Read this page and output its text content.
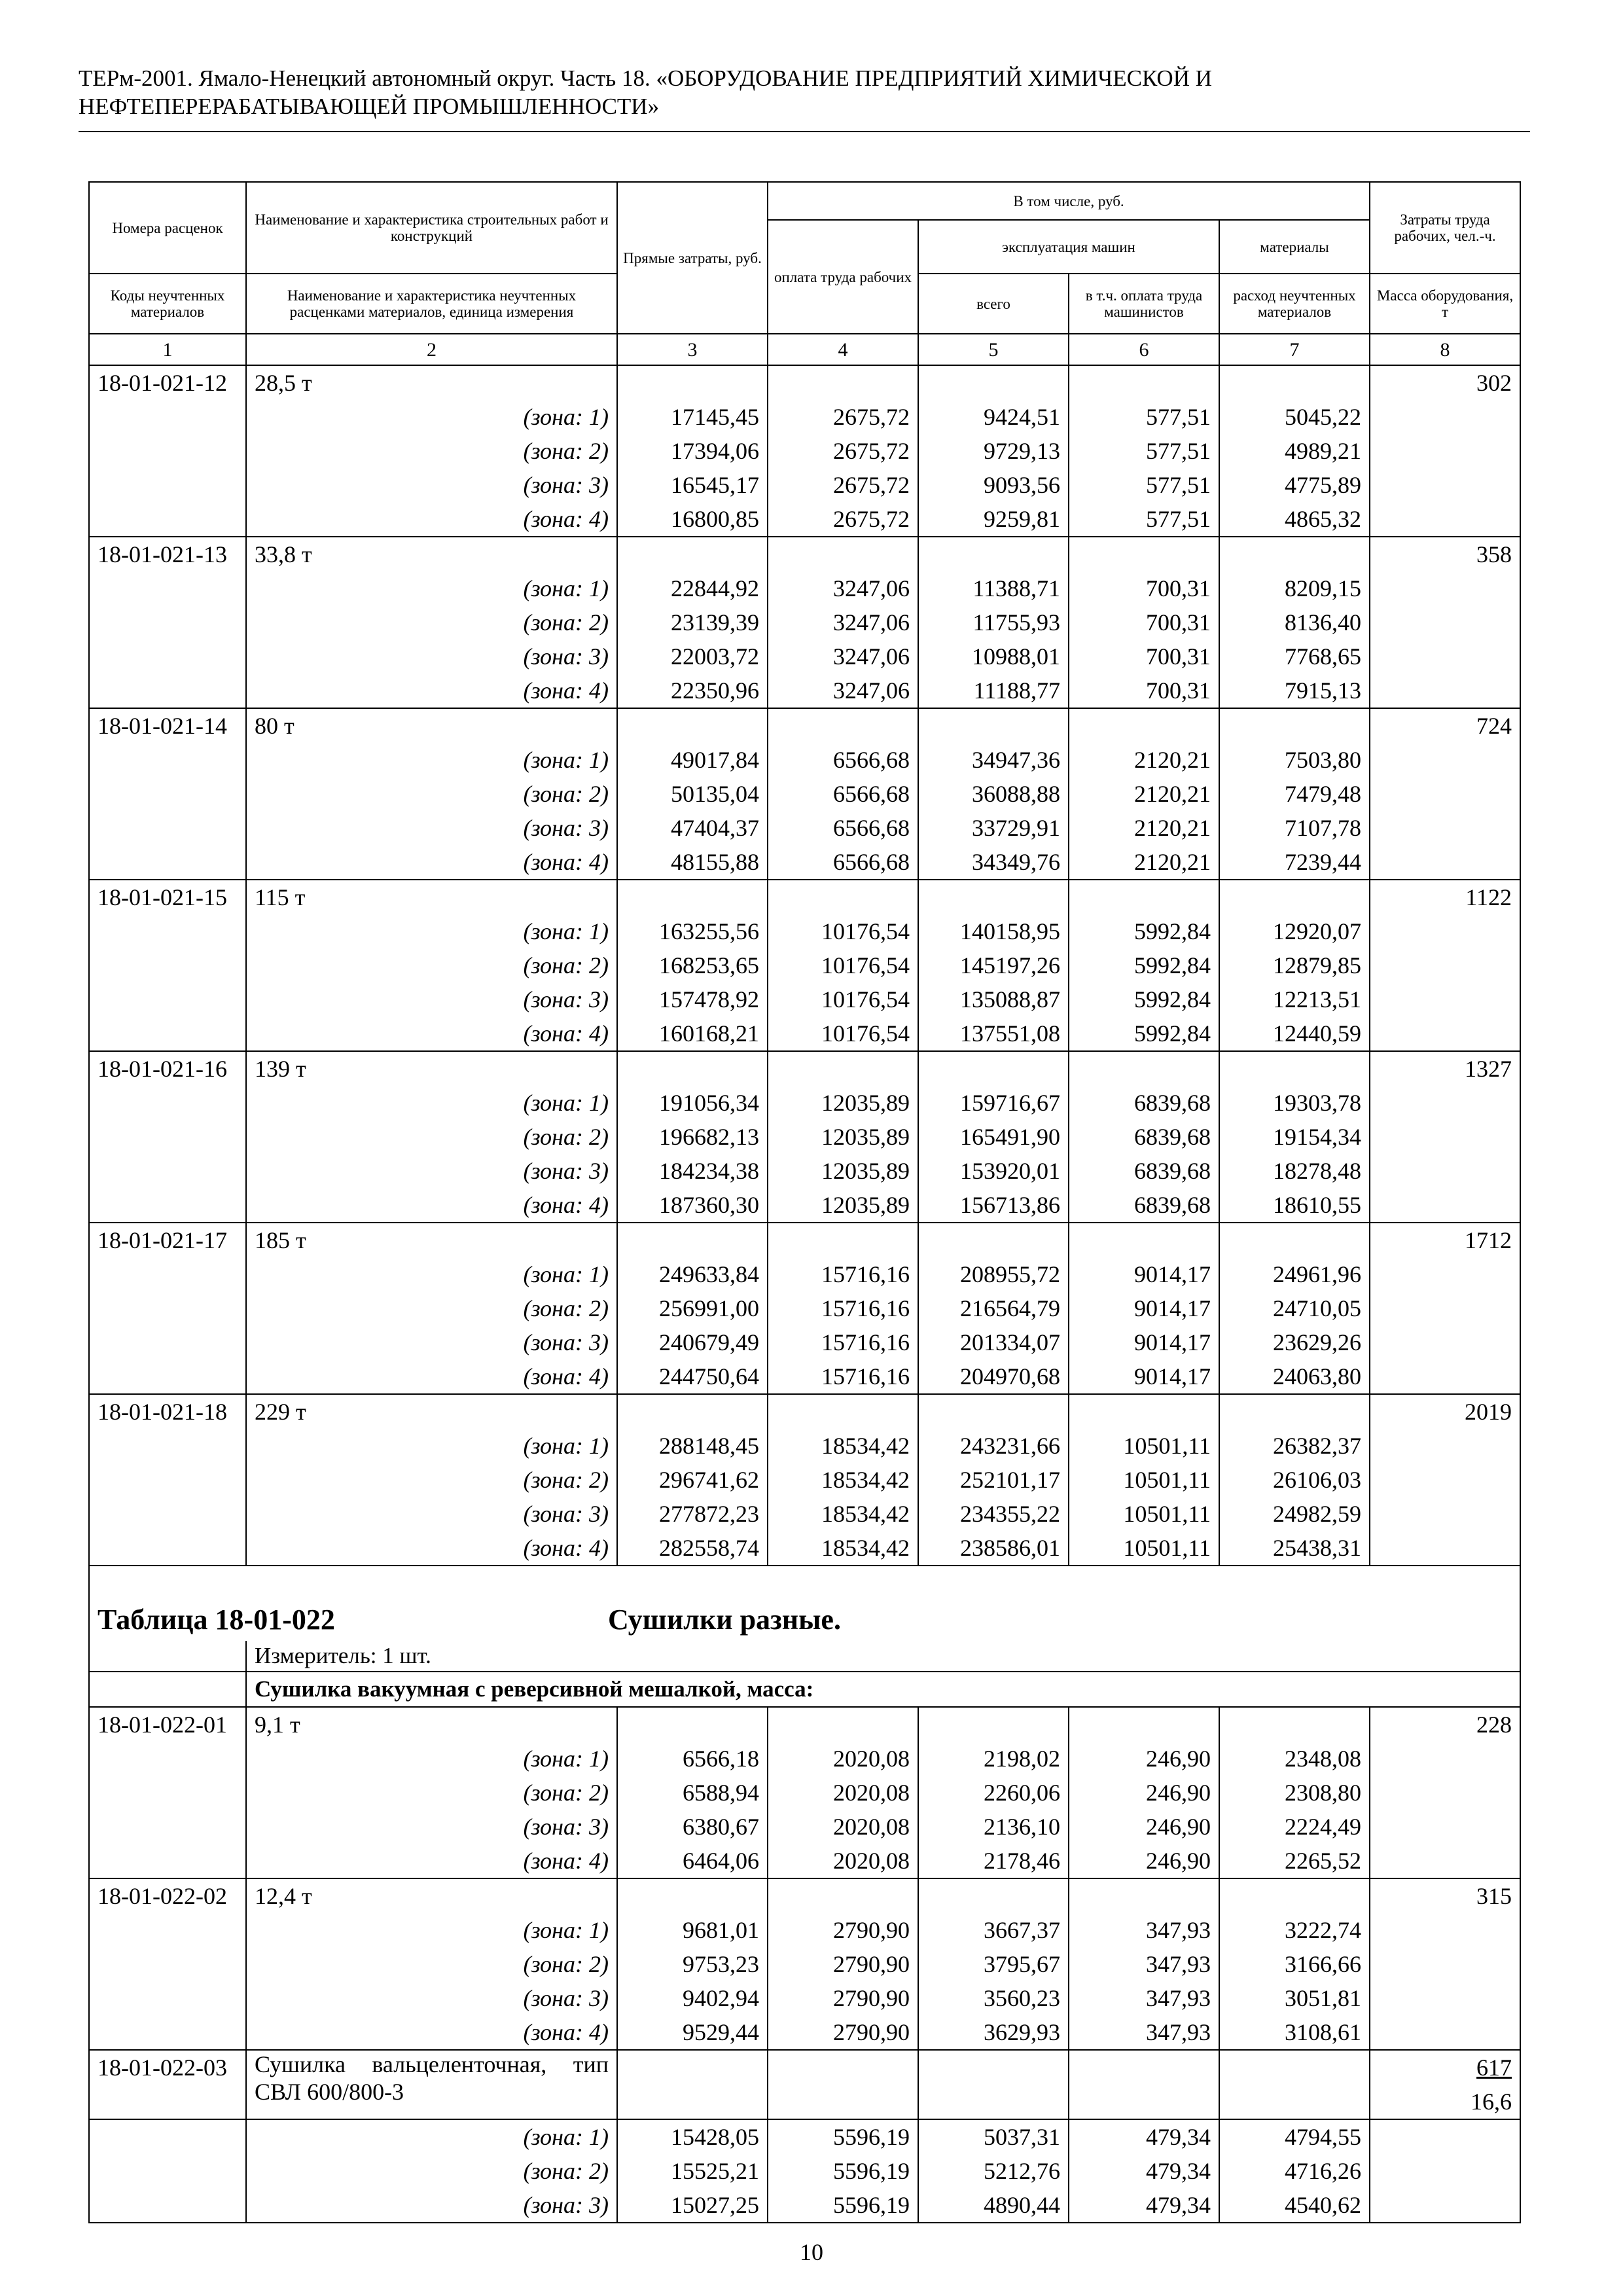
ТЕРм-2001. Ямало-Ненецкий автономный округ. Часть 18. «ОБОРУДОВАНИЕ ПРЕДПРИЯТИЙ ХИМИЧЕСКОЙ И
НЕФТЕПЕРЕРАБАТЫВАЮЩЕЙ ПРОМЫШЛЕННОСТИ»
Номера расценок	Наименование и характеристика строительных работ и конструкций	Прямые затраты, руб.	В том числе, руб.				Затраты труда рабочих, чел.-ч.
			оплата труда рабочих	эксплуатация машин		материалы	
Коды неучтенных материалов	Наименование и характеристика неучтенных расценками материалов, единица измерения			всего	в т.ч. оплата труда машинистов	расход неучтенных материалов	Масса оборудования, т
1	2	3	4	5	6	7	8
18-01-021-12	28,5 т						302
	(зона: 1)	17145,45	2675,72	9424,51	577,51	5045,22	
	(зона: 2)	17394,06	2675,72	9729,13	577,51	4989,21	
	(зона: 3)	16545,17	2675,72	9093,56	577,51	4775,89	
	(зона: 4)	16800,85	2675,72	9259,81	577,51	4865,32	
18-01-021-13	33,8 т						358
	(зона: 1)	22844,92	3247,06	11388,71	700,31	8209,15	
	(зона: 2)	23139,39	3247,06	11755,93	700,31	8136,40	
	(зона: 3)	22003,72	3247,06	10988,01	700,31	7768,65	
	(зона: 4)	22350,96	3247,06	11188,77	700,31	7915,13	
18-01-021-14	80 т						724
	(зона: 1)	49017,84	6566,68	34947,36	2120,21	7503,80	
	(зона: 2)	50135,04	6566,68	36088,88	2120,21	7479,48	
	(зона: 3)	47404,37	6566,68	33729,91	2120,21	7107,78	
	(зона: 4)	48155,88	6566,68	34349,76	2120,21	7239,44	
18-01-021-15	115 т						1122
	(зона: 1)	163255,56	10176,54	140158,95	5992,84	12920,07	
	(зона: 2)	168253,65	10176,54	145197,26	5992,84	12879,85	
	(зона: 3)	157478,92	10176,54	135088,87	5992,84	12213,51	
	(зона: 4)	160168,21	10176,54	137551,08	5992,84	12440,59	
18-01-021-16	139 т						1327
	(зона: 1)	191056,34	12035,89	159716,67	6839,68	19303,78	
	(зона: 2)	196682,13	12035,89	165491,90	6839,68	19154,34	
	(зона: 3)	184234,38	12035,89	153920,01	6839,68	18278,48	
	(зона: 4)	187360,30	12035,89	156713,86	6839,68	18610,55	
18-01-021-17	185 т						1712
	(зона: 1)	249633,84	15716,16	208955,72	9014,17	24961,96	
	(зона: 2)	256991,00	15716,16	216564,79	9014,17	24710,05	
	(зона: 3)	240679,49	15716,16	201334,07	9014,17	23629,26	
	(зона: 4)	244750,64	15716,16	204970,68	9014,17	24063,80	
18-01-021-18	229 т						2019
	(зона: 1)	288148,45	18534,42	243231,66	10501,11	26382,37	
	(зона: 2)	296741,62	18534,42	252101,17	10501,11	26106,03	
	(зона: 3)	277872,23	18534,42	234355,22	10501,11	24982,59	
	(зона: 4)	282558,74	18534,42	238586,01	10501,11	25438,31	
Таблица 18-01-022 Сушилки разные.							
	Измеритель: 1 шт.						
	Сушилка вакуумная с реверсивной мешалкой, масса:						
18-01-022-01	9,1 т						228
	(зона: 1)	6566,18	2020,08	2198,02	246,90	2348,08	
	(зона: 2)	6588,94	2020,08	2260,06	246,90	2308,80	
	(зона: 3)	6380,67	2020,08	2136,10	246,90	2224,49	
	(зона: 4)	6464,06	2020,08	2178,46	246,90	2265,52	
18-01-022-02	12,4 т						315
	(зона: 1)	9681,01	2790,90	3667,37	347,93	3222,74	
	(зона: 2)	9753,23	2790,90	3795,67	347,93	3166,66	
	(зона: 3)	9402,94	2790,90	3560,23	347,93	3051,81	
	(зона: 4)	9529,44	2790,90	3629,93	347,93	3108,61	
18-01-022-03	Сушилка вальцеленточная, тип СВЛ 600/800-3						617
16,6

	(зона: 1)	15428,05	5596,19	5037,31	479,34	4794,55	
	(зона: 2)	15525,21	5596,19	5212,76	479,34	4716,26	
	(зона: 3)	15027,25	5596,19	4890,44	479,34	4540,62	
10
